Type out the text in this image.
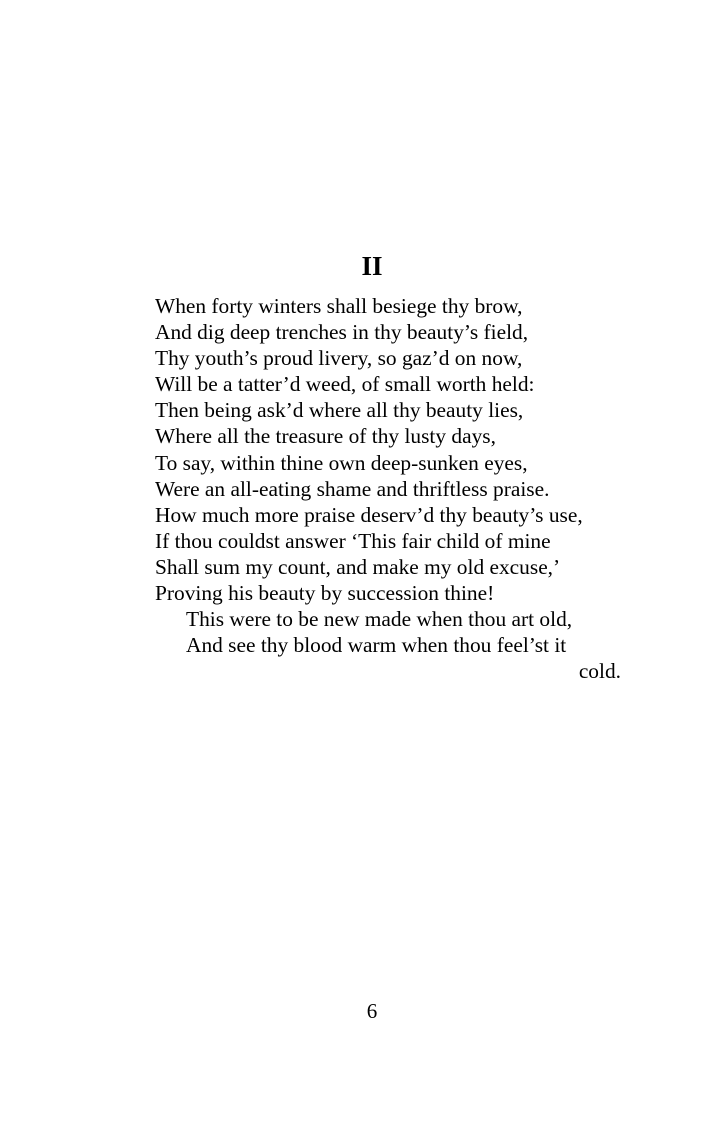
II
When forty winters shall besiege thy brow,
And dig deep trenches in thy beauty’s field,
Thy youth’s proud livery, so gaz’d on now,
Will be a tatter’d weed, of small worth held:
Then being ask’d where all thy beauty lies,
Where all the treasure of thy lusty days,
To say, within thine own deep-sunken eyes,
Were an all-eating shame and thriftless praise.
How much more praise deserv’d thy beauty’s use,
If thou couldst answer ‘This fair child of mine
Shall sum my count, and make my old excuse,’
Proving his beauty by succession thine!
This were to be new made when thou art old,
And see thy blood warm when thou feel’st it
cold.
6
